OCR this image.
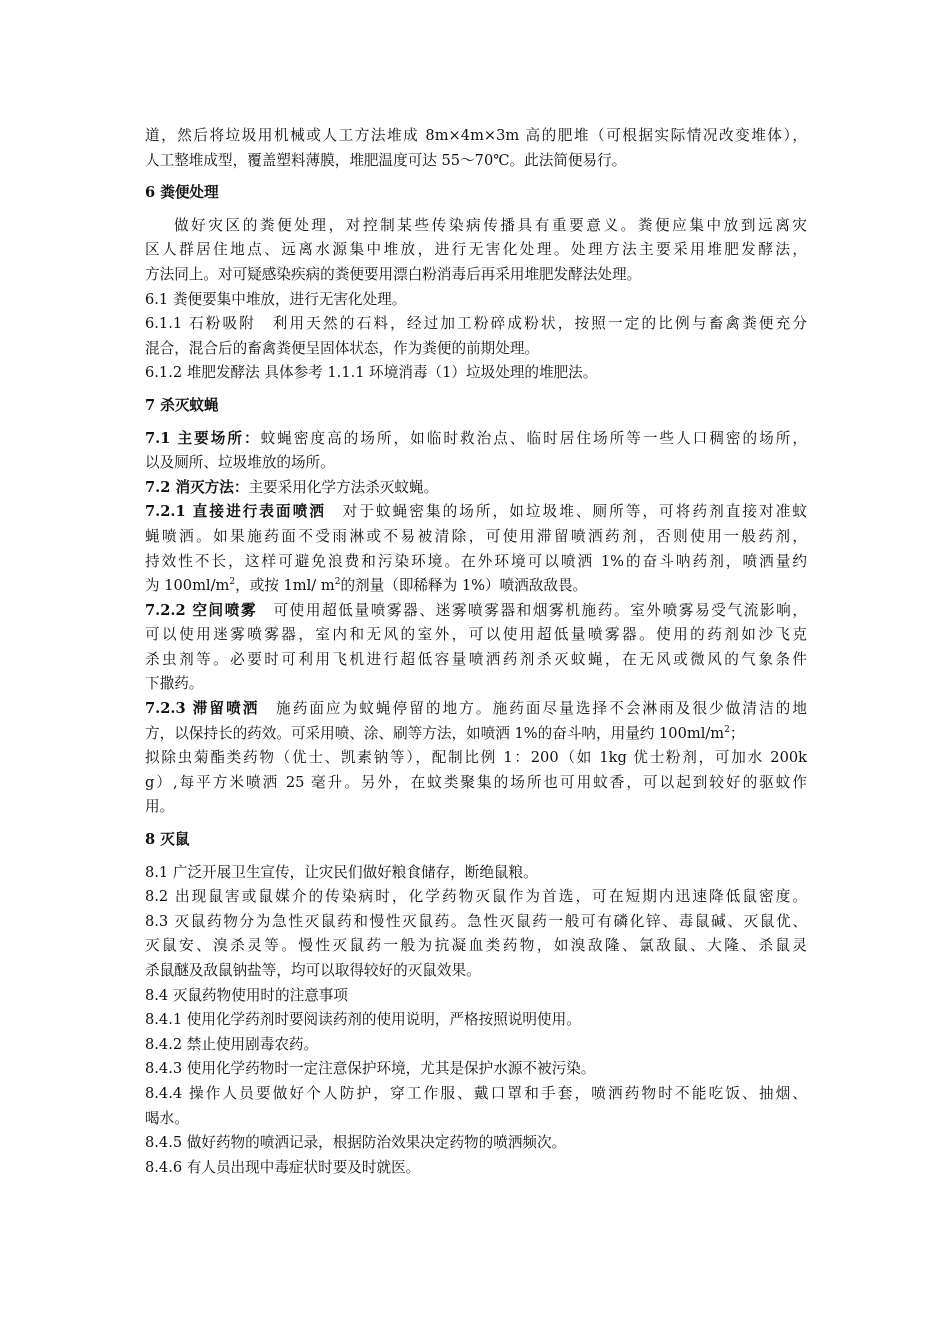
道，然后将垃圾用机械或人工方法堆成 8m×4m×3m 高的肥堆（可根据实际情况改变堆体），
人工整堆成型，覆盖塑料薄膜，堆肥温度可达 55～70℃。此法简便易行。
6 粪便处理
做好灾区的粪便处理，对控制某些传染病传播具有重要意义。粪便应集中放到远离灾
区人群居住地点、远离水源集中堆放，进行无害化处理。处理方法主要采用堆肥发酵法，
方法同上。对可疑感染疾病的粪便要用漂白粉消毒后再采用堆肥发酵法处理。
6.1 粪便要集中堆放，进行无害化处理。
6.1.1 石粉吸附　利用天然的石料，经过加工粉碎成粉状，按照一定的比例与畜禽粪便充分
混合，混合后的畜禽粪便呈固体状态，作为粪便的前期处理。
6.1.2 堆肥发酵法 具体参考 1.1.1 环境消毒（1）垃圾处理的堆肥法。
7 杀灭蚊蝇
7.1 主要场所：蚊蝇密度高的场所，如临时救治点、临时居住场所等一些人口稠密的场所，
以及厕所、垃圾堆放的场所。
7.2 消灭方法：主要采用化学方法杀灭蚊蝇。
7.2.1 直接进行表面喷洒　对于蚊蝇密集的场所，如垃圾堆、厕所等，可将药剂直接对准蚊
蝇喷洒。如果施药面不受雨淋或不易被清除，可使用滞留喷洒药剂，否则使用一般药剂，
持效性不长，这样可避免浪费和污染环境。在外环境可以喷洒 1%的奋斗呐药剂，喷洒量约
为 $100ml/m^2$，或按 1ml/ $m^2$的剂量（即稀释为 1%）喷洒敌敌畏。
7.2.2 空间喷雾　可使用超低量喷雾器、迷雾喷雾器和烟雾机施药。室外喷雾易受气流影响，
可以使用迷雾喷雾器，室内和无风的室外，可以使用超低量喷雾器。使用的药剂如沙飞克
杀虫剂等。必要时可利用飞机进行超低容量喷洒药剂杀灭蚊蝇，在无风或微风的气象条件
下撒药。
7.2.3 滞留喷洒　施药面应为蚊蝇停留的地方。施药面尽量选择不会淋雨及很少做清洁的地
方，以保持长的药效。可采用喷、涂、刷等方法，如喷洒 1%的奋斗呐，用量约 $100ml/m^2$；
拟除虫菊酯类药物（优士、凯素钠等），配制比例 1：200（如 1kg 优士粉剂，可加水 200k
g）,每平方米喷洒 25 毫升。另外，在蚊类聚集的场所也可用蚊香，可以起到较好的驱蚊作
用。
8 灭鼠
8.1 广泛开展卫生宣传，让灾民们做好粮食储存，断绝鼠粮。
8.2 出现鼠害或鼠媒介的传染病时，化学药物灭鼠作为首选，可在短期内迅速降低鼠密度。
8.3 灭鼠药物分为急性灭鼠药和慢性灭鼠药。急性灭鼠药一般可有磷化锌、毒鼠碱、灭鼠优、
灭鼠安、溴杀灵等。慢性灭鼠药一般为抗凝血类药物，如溴敌隆、氯敌鼠、大隆、杀鼠灵
杀鼠醚及敌鼠钠盐等，均可以取得较好的灭鼠效果。
8.4 灭鼠药物使用时的注意事项
8.4.1 使用化学药剂时要阅读药剂的使用说明，严格按照说明使用。
8.4.2 禁止使用剧毒农药。
8.4.3 使用化学药物时一定注意保护环境，尤其是保护水源不被污染。
8.4.4 操作人员要做好个人防护，穿工作服、戴口罩和手套，喷洒药物时不能吃饭、抽烟、
喝水。
8.4.5 做好药物的喷洒记录，根据防治效果决定药物的喷洒频次。
8.4.6 有人员出现中毒症状时要及时就医。
